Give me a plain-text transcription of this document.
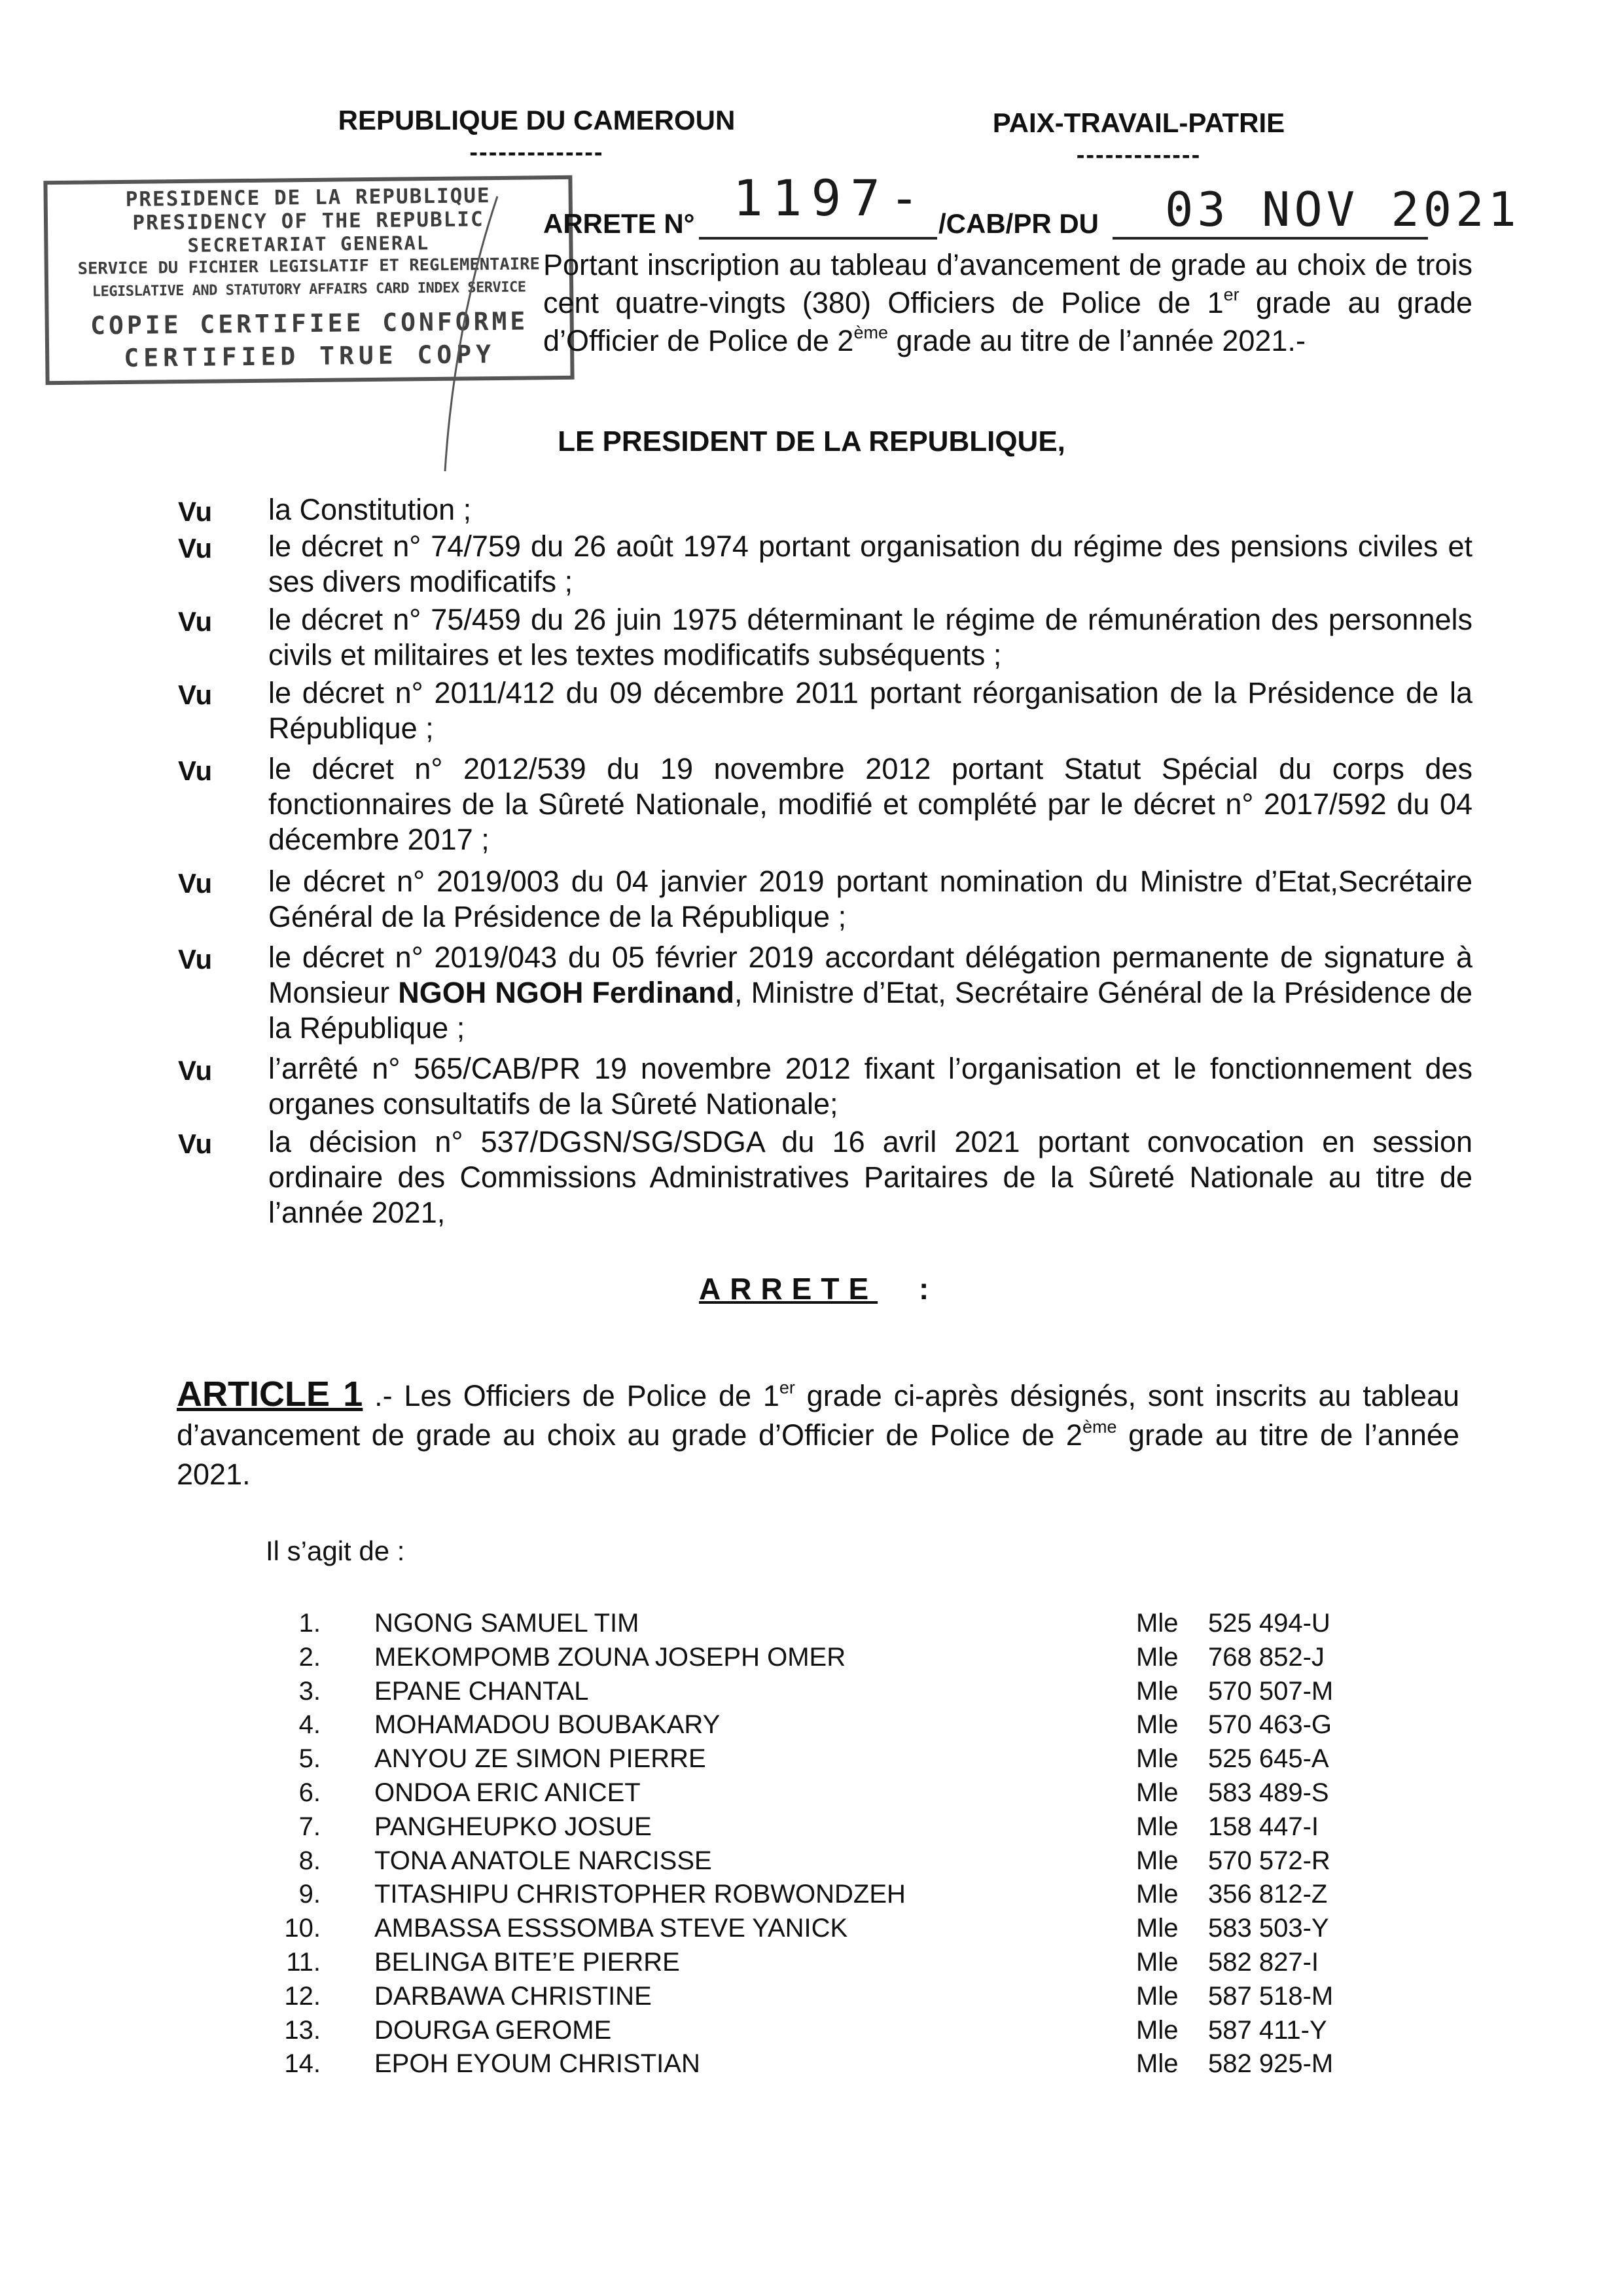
REPUBLIQUE DU CAMEROUN
--------------
PAIX-TRAVAIL-PATRIE
-------------
PRESIDENCE DE LA REPUBLIQUE
PRESIDENCY OF THE REPUBLIC
SECRETARIAT GENERAL
SERVICE DU FICHIER LEGISLATIF ET REGLEMENTAIRE
LEGISLATIVE AND STATUTORY AFFAIRS CARD INDEX SERVICE
COPIE CERTIFIEE CONFORME
CERTIFIED TRUE COPY
ARRETE N° 1197- /CAB/PR DU 03 NOV 2021
Portant inscription au tableau d’avancement de grade au choix de trois cent quatre-vingts (380) Officiers de Police de 1er grade au grade d’Officier de Police de 2ème grade au titre de l’année 2021.-
LE PRESIDENT DE LA REPUBLIQUE,
Vu la Constitution ;
Vu le décret n° 74/759 du 26 août 1974 portant organisation du régime des pensions civiles et ses divers modificatifs ;
Vu le décret n° 75/459 du 26 juin 1975 déterminant le régime de rémunération des personnels civils et militaires et les textes modificatifs subséquents ;
Vu le décret n° 2011/412 du 09 décembre 2011 portant réorganisation de la Présidence de la République ;
Vu le décret n° 2012/539 du 19 novembre 2012 portant Statut Spécial du corps des fonctionnaires de la Sûreté Nationale, modifié et complété par le décret n° 2017/592 du 04 décembre 2017 ;
Vu le décret n° 2019/003 du 04 janvier 2019 portant nomination du Ministre d’Etat,Secrétaire Général de la Présidence de la République ;
Vu le décret n° 2019/043 du 05 février 2019 accordant délégation permanente de signature à Monsieur NGOH NGOH Ferdinand, Ministre d’Etat, Secrétaire Général de la Présidence de la République ;
Vu l’arrêté n° 565/CAB/PR 19 novembre 2012 fixant l’organisation et le fonctionnement des organes consultatifs de la Sûreté Nationale;
Vu la décision n° 537/DGSN/SG/SDGA du 16 avril 2021 portant convocation en session ordinaire des Commissions Administratives Paritaires de la Sûreté Nationale au titre de l’année 2021,
ARRETE :
ARTICLE 1 .- Les Officiers de Police de 1er grade ci-après désignés, sont inscrits au tableau d’avancement de grade au choix au grade d’Officier de Police de 2ème grade au titre de l’année 2021.
Il s’agit de :
1. NGONG SAMUEL TIM	Mle 525 494-U
2. MEKOMPOMB ZOUNA JOSEPH OMER	Mle 768 852-J
3. EPANE CHANTAL	Mle 570 507-M
4. MOHAMADOU BOUBAKARY	Mle 570 463-G
5. ANYOU ZE SIMON PIERRE	Mle 525 645-A
6. ONDOA ERIC ANICET	Mle 583 489-S
7. PANGHEUPKO JOSUE	Mle 158 447-I
8. TONA ANATOLE NARCISSE	Mle 570 572-R
9. TITASHIPU CHRISTOPHER ROBWONDZEH	Mle 356 812-Z
10. AMBASSA ESSSOMBA STEVE YANICK	Mle 583 503-Y
11. BELINGA BITE’E PIERRE	Mle 582 827-I
12. DARBAWA CHRISTINE	Mle 587 518-M
13. DOURGA GEROME	Mle 587 411-Y
14. EPOH EYOUM CHRISTIAN	Mle 582 925-M
